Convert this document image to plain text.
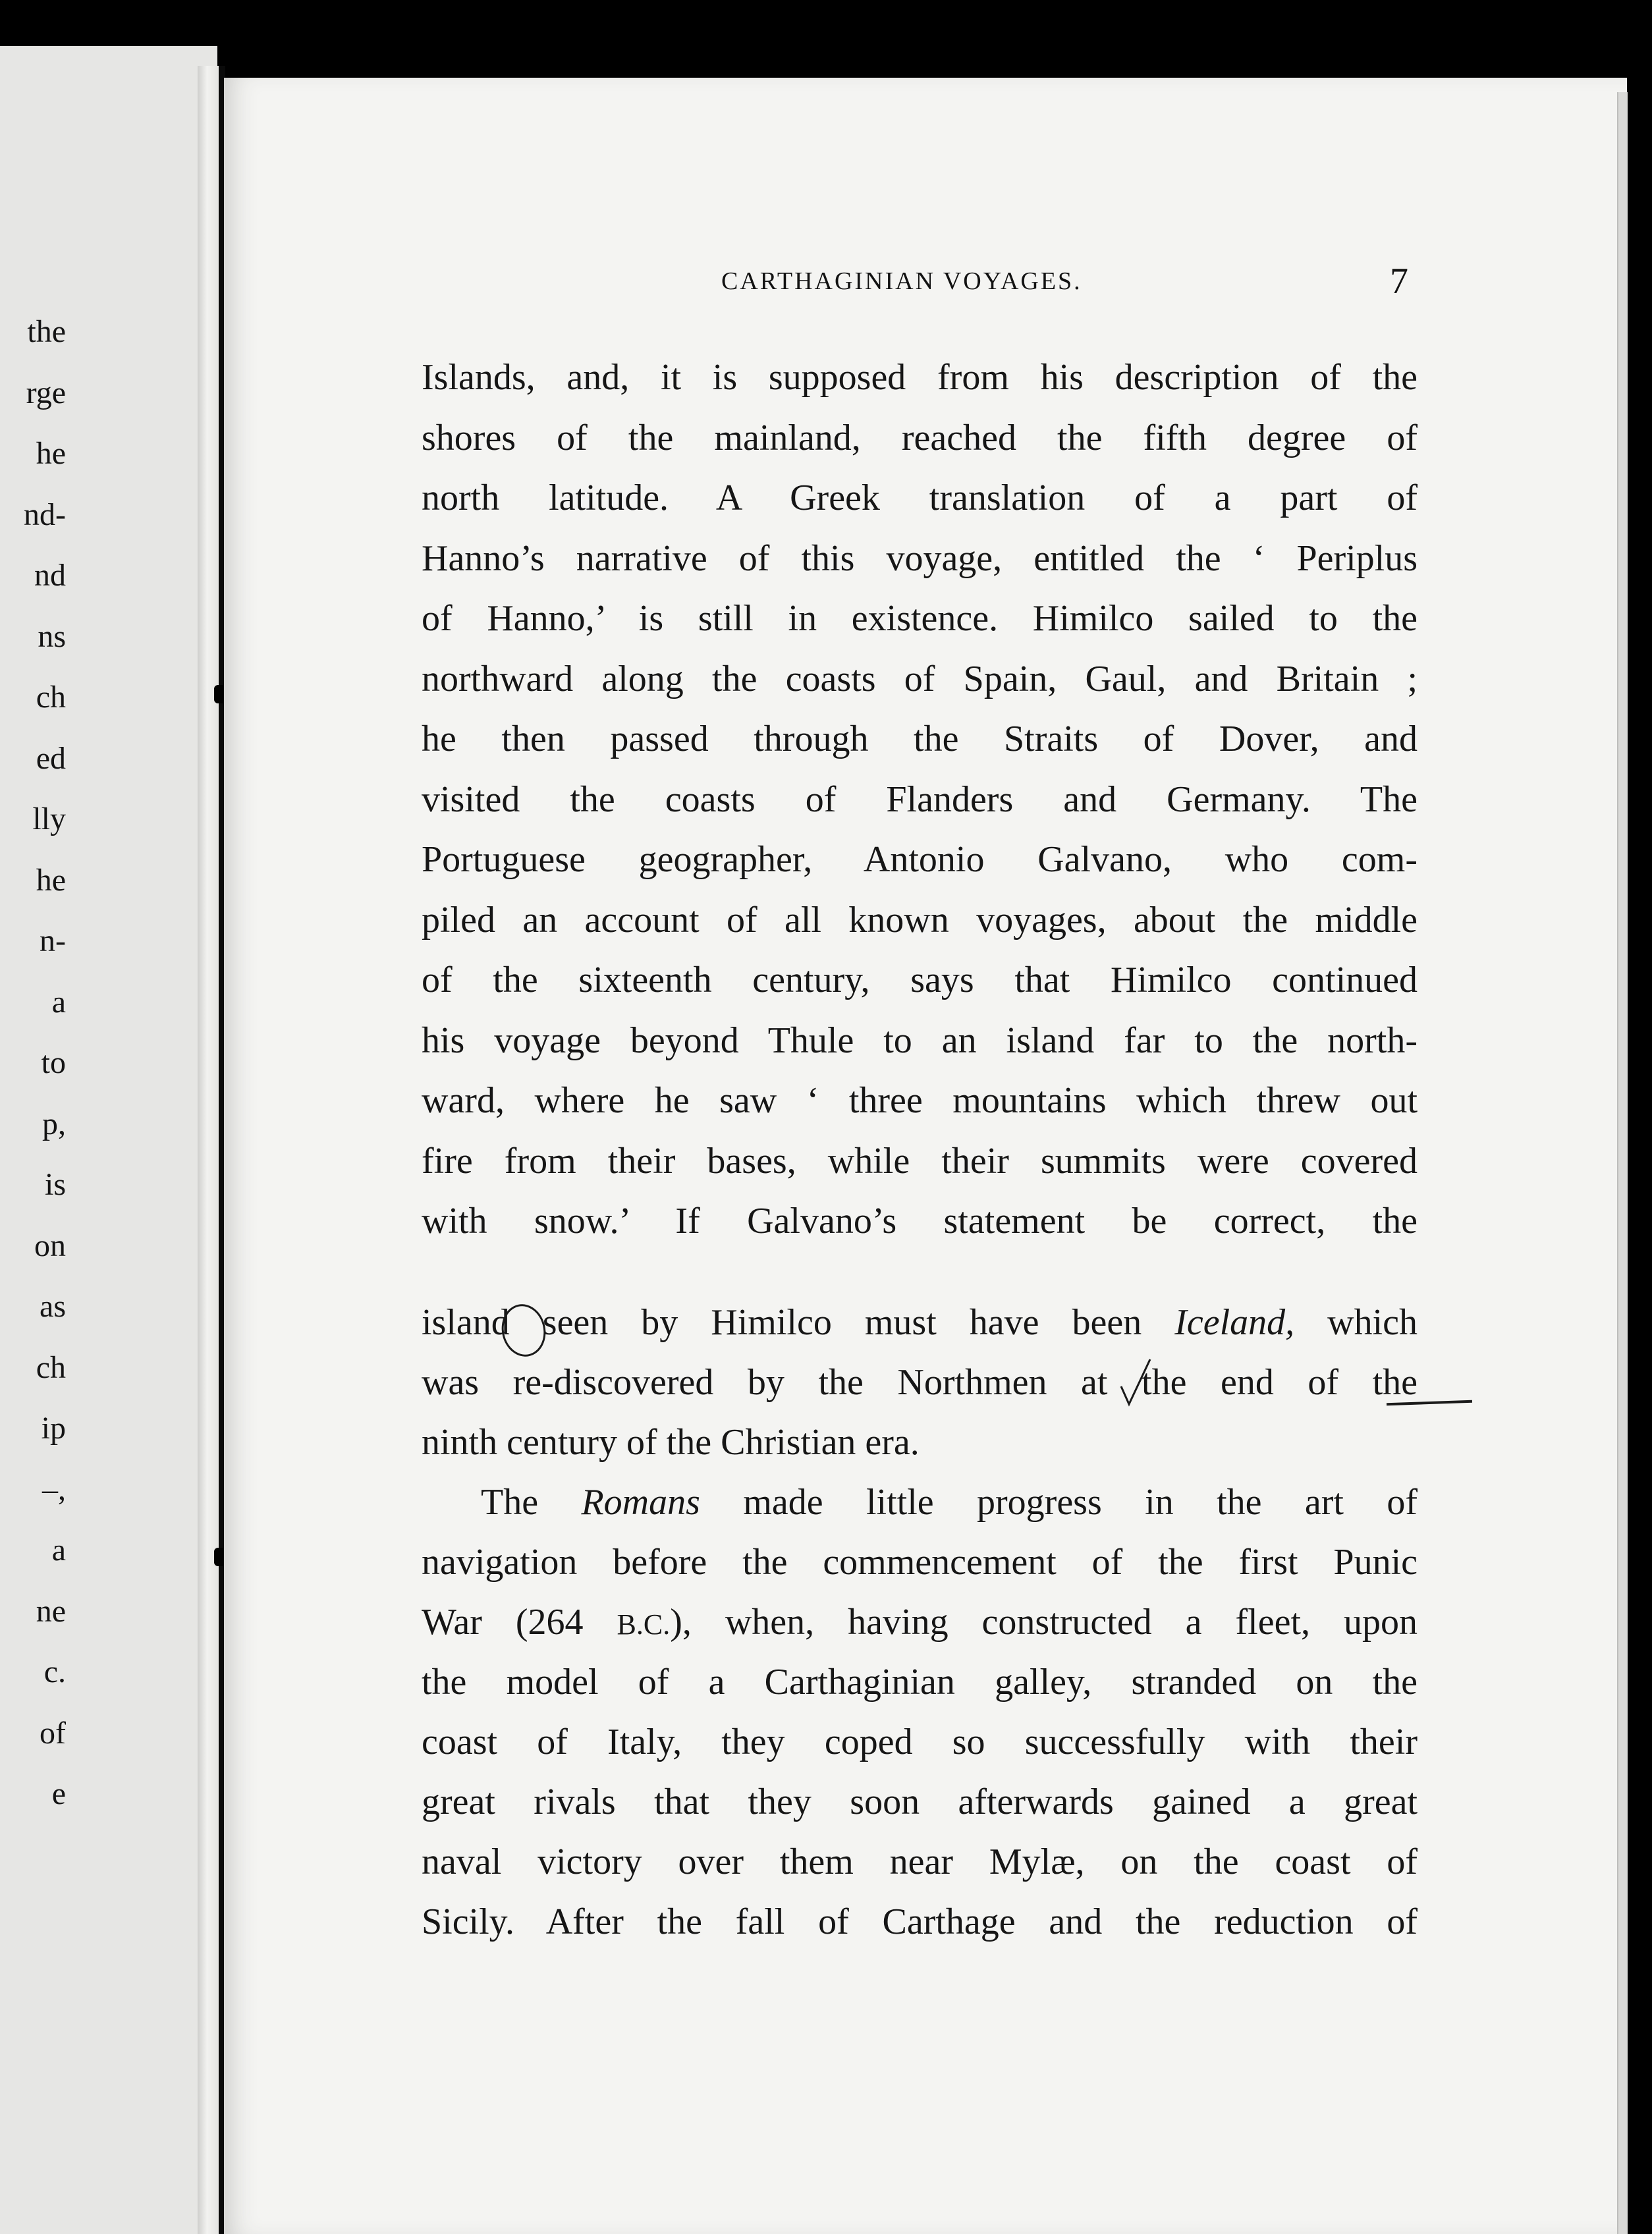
the
rge
he
nd-
nd
ns
ch
ed
lly
he
n-
a
to
p,
is
on
as
ch
ip
–,
a
ne
c.
of
e
CARTHAGINIAN VOYAGES.	7
Islands, and, it is supposed from his description of the
shores of the mainland, reached the fifth degree of
north latitude. A Greek translation of a part of
Hanno’s narrative of this voyage, entitled the ‘ Periplus
of Hanno,’ is still in existence. Himilco sailed to the
northward along the coasts of Spain, Gaul, and Britain ;
he then passed through the Straits of Dover, and
visited the coasts of Flanders and Germany. The
Portuguese geographer, Antonio Galvano, who com-
piled an account of all known voyages, about the middle
of the sixteenth century, says that Himilco continued
his voyage beyond Thule to an island far to the north-
ward, where he saw ‘ three mountains which threw out
fire from their bases, while their summits were covered
with snow.’ If Galvano’s statement be correct, the
island seen by Himilco must have been Iceland, which
was re-discovered by the Northmen at the end of the
ninth century of the Christian era.
The Romans made little progress in the art of
navigation before the commencement of the first Punic
War (264 B.C.), when, having constructed a fleet, upon
the model of a Carthaginian galley, stranded on the
coast of Italy, they coped so successfully with their
great rivals that they soon afterwards gained a great
naval victory over them near Mylæ, on the coast of
Sicily. After the fall of Carthage and the reduction of
